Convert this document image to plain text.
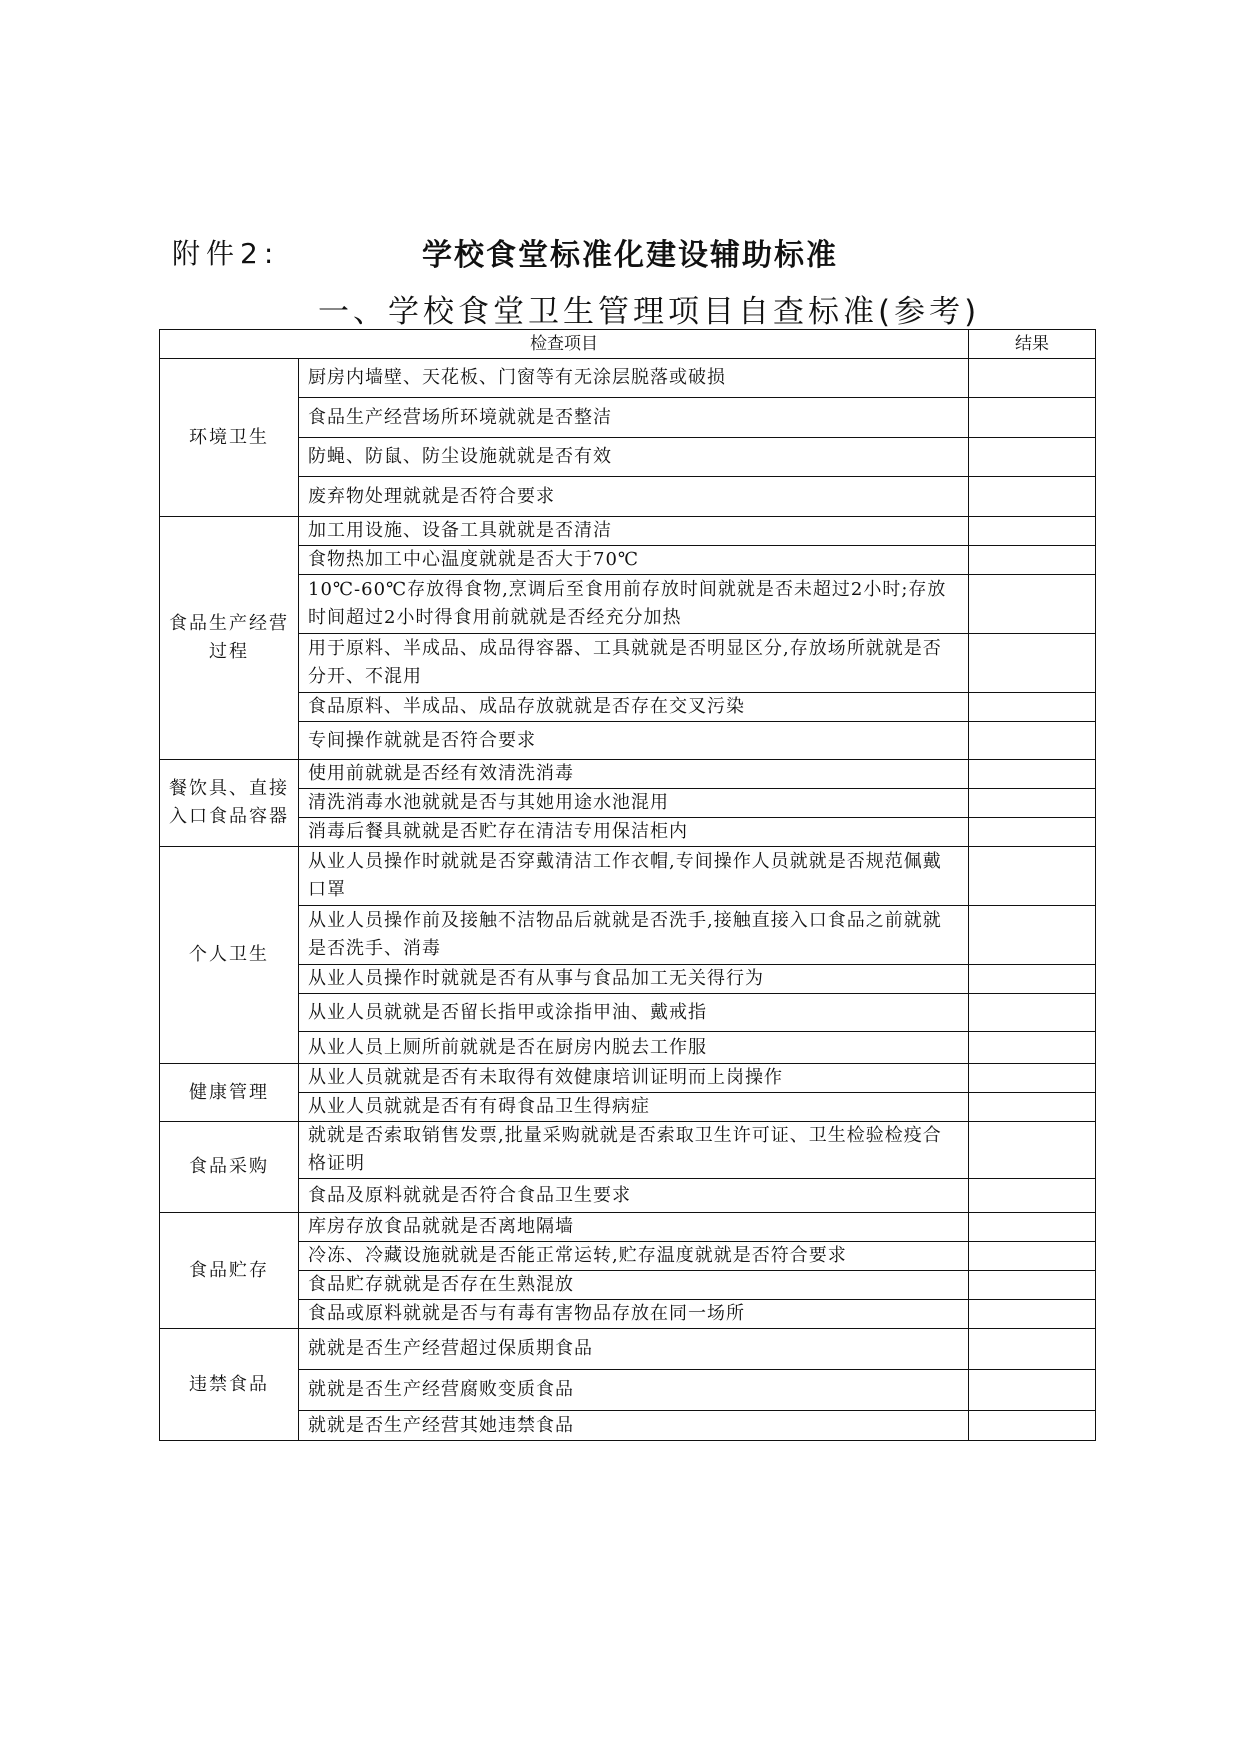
附件2:	学校食堂标准化建设辅助标准
一、学校食堂卫生管理项目自查标准(参考)
检查项目		结果
环境卫生	厨房内墙壁、天花板、门窗等有无涂层脱落或破损	
	食品生产经营场所环境就就是否整洁	
	防蝇、防鼠、防尘设施就就是否有效	
	废弃物处理就就是否符合要求	
食品生产经营过程	加工用设施、设备工具就就是否清洁	
	食物热加工中心温度就就是否大于70℃	
	10℃-60℃存放得食物,烹调后至食用前存放时间就就是否未超过2小时;存放时间超过2小时得食用前就就是否经充分加热	
	用于原料、半成品、成品得容器、工具就就是否明显区分,存放场所就就是否分开、不混用	
	食品原料、半成品、成品存放就就是否存在交叉污染	
	专间操作就就是否符合要求	
餐饮具、直接入口食品容器	使用前就就是否经有效清洗消毒	
	清洗消毒水池就就是否与其她用途水池混用	
	消毒后餐具就就是否贮存在清洁专用保洁柜内	
个人卫生	从业人员操作时就就是否穿戴清洁工作衣帽,专间操作人员就就是否规范佩戴口罩	
	从业人员操作前及接触不洁物品后就就是否洗手,接触直接入口食品之前就就是否洗手、消毒	
	从业人员操作时就就是否有从事与食品加工无关得行为	
	从业人员就就是否留长指甲或涂指甲油、戴戒指	
	从业人员上厕所前就就是否在厨房内脱去工作服	
健康管理	从业人员就就是否有未取得有效健康培训证明而上岗操作	
	从业人员就就是否有有碍食品卫生得病症	
食品采购	就就是否索取销售发票,批量采购就就是否索取卫生许可证、卫生检验检疫合格证明	
	食品及原料就就是否符合食品卫生要求	
食品贮存	库房存放食品就就是否离地隔墙	
	冷冻、冷藏设施就就是否能正常运转,贮存温度就就是否符合要求	
	食品贮存就就是否存在生熟混放	
	食品或原料就就是否与有毒有害物品存放在同一场所	
违禁食品	就就是否生产经营超过保质期食品	
	就就是否生产经营腐败变质食品	
	就就是否生产经营其她违禁食品	
